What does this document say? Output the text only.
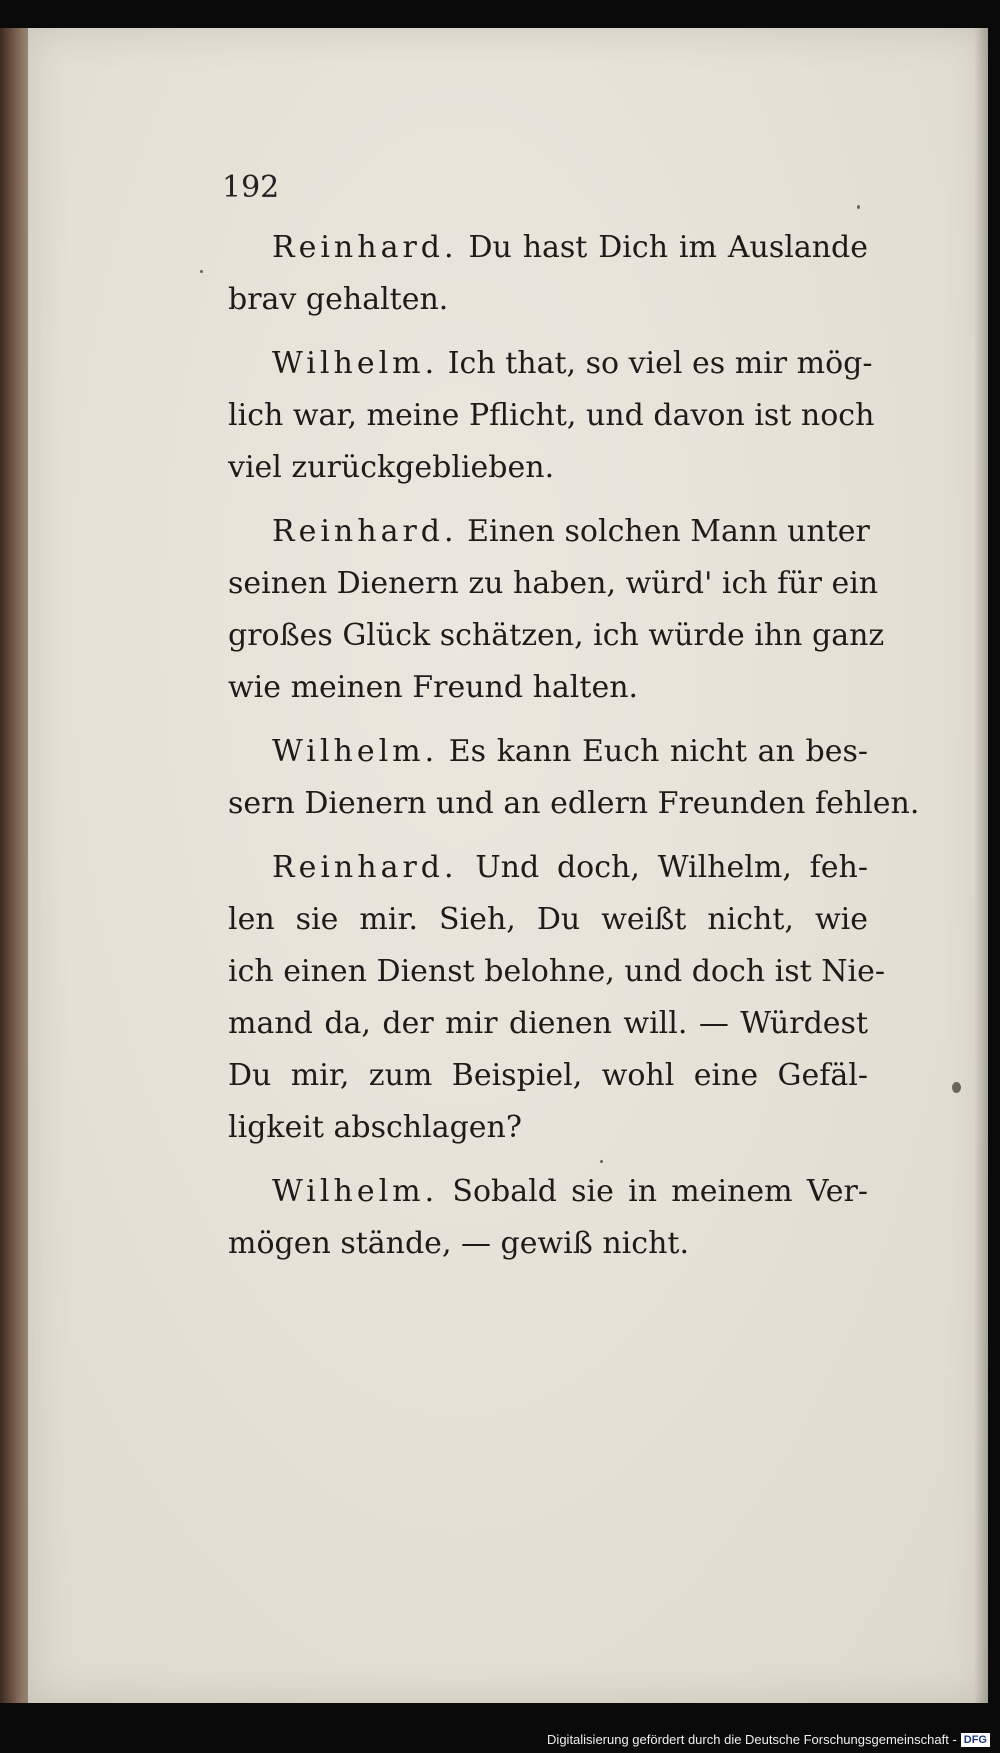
192
Reinhard. Du hast Dich im Auslande
brav gehalten.
Wilhelm. Ich that, so viel es mir mög-
lich war, meine Pflicht, und davon ist noch
viel zurückgeblieben.
Reinhard. Einen solchen Mann unter
seinen Dienern zu haben, würd' ich für ein
großes Glück schätzen, ich würde ihn ganz
wie meinen Freund halten.
Wilhelm. Es kann Euch nicht an bes-
sern Dienern und an edlern Freunden fehlen.
Reinhard. Und doch, Wilhelm, feh-
len sie mir. Sieh, Du weißt nicht, wie
ich einen Dienst belohne, und doch ist Nie-
mand da, der mir dienen will. — Würdest
Du mir, zum Beispiel, wohl eine Gefäl-
ligkeit abschlagen?
Wilhelm. Sobald sie in meinem Ver-
mögen stände, — gewiß nicht.
Digitalisierung gefördert durch die Deutsche Forschungsgemeinschaft - DFG
